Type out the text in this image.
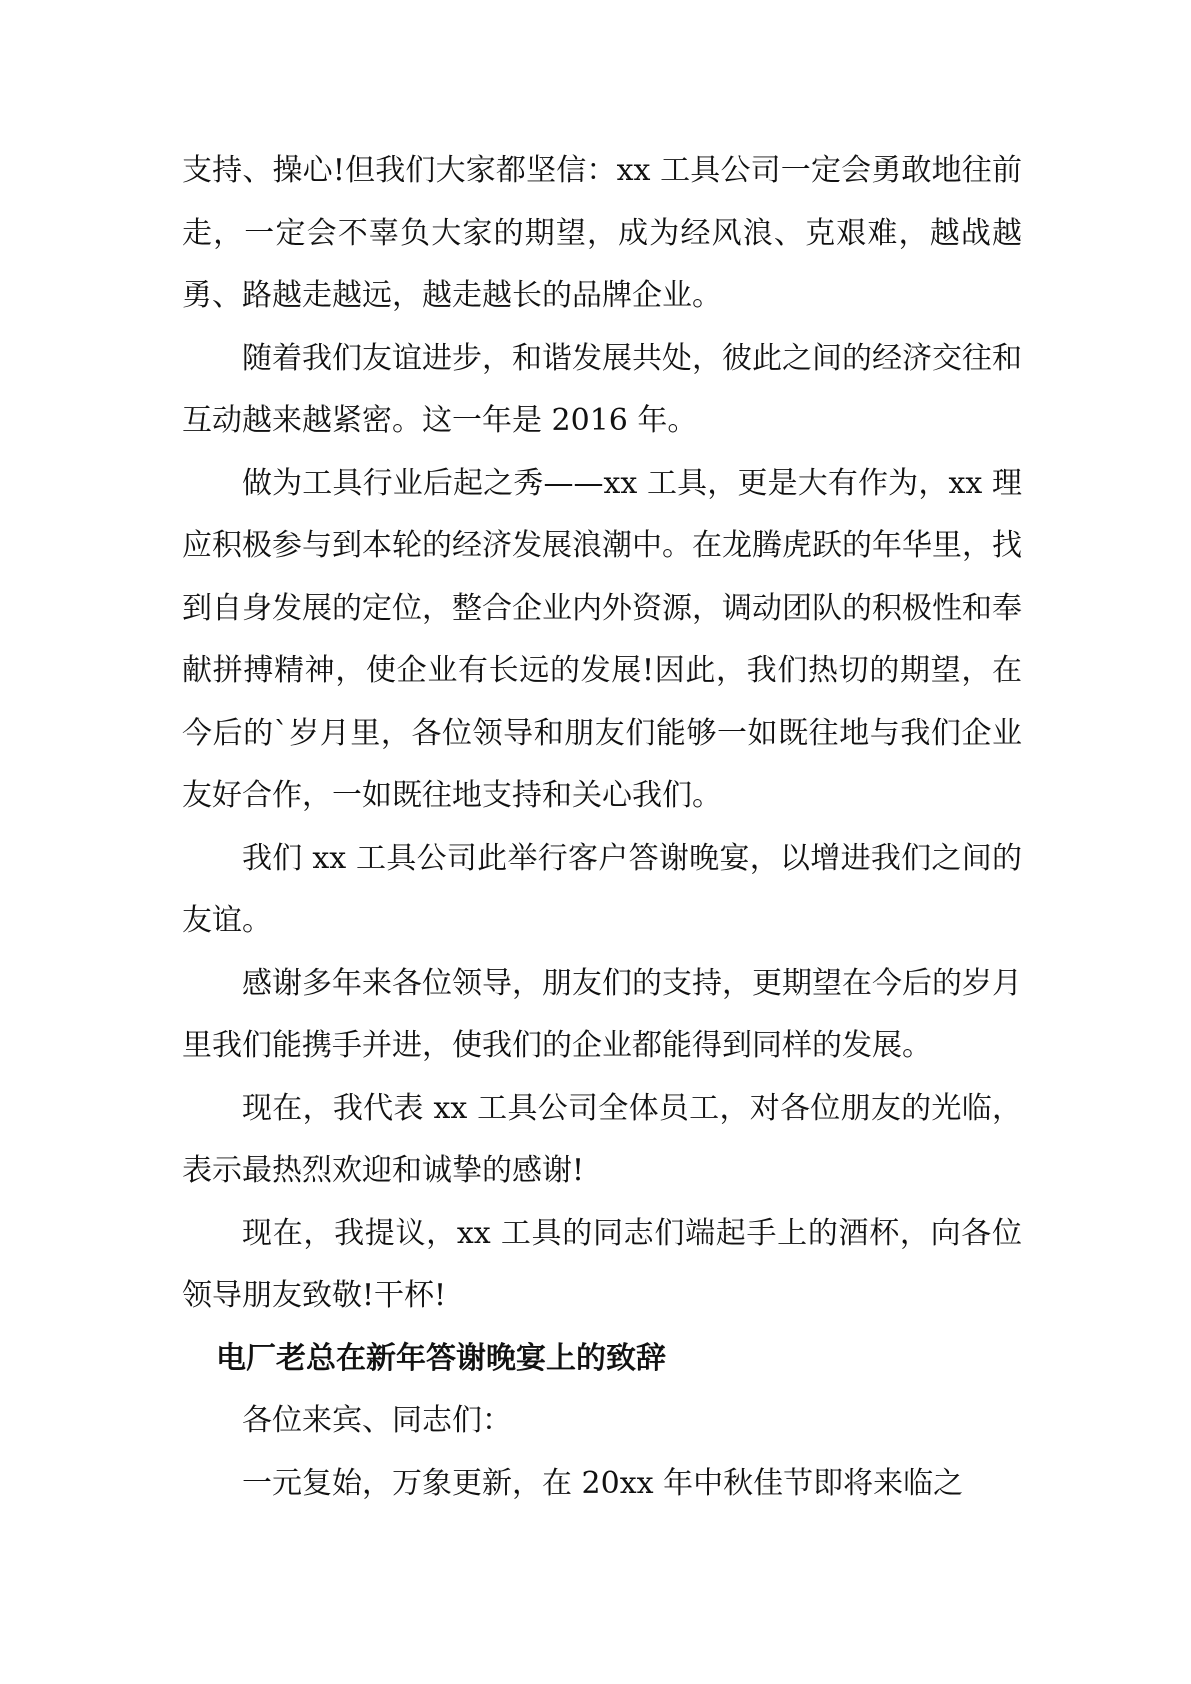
支持、操心!但我们大家都坚信：xx 工具公司一定会勇敢地往前走，一定会不辜负大家的期望，成为经风浪、克艰难，越战越勇、路越走越远，越走越长的品牌企业。

随着我们友谊进步，和谐发展共处，彼此之间的经济交往和互动越来越紧密。这一年是 2016 年。

做为工具行业后起之秀——xx 工具，更是大有作为，xx 理应积极参与到本轮的经济发展浪潮中。在龙腾虎跃的年华里，找到自身发展的定位，整合企业内外资源，调动团队的积极性和奉献拼搏精神，使企业有长远的发展!因此，我们热切的期望，在今后的`岁月里，各位领导和朋友们能够一如既往地与我们企业友好合作，一如既往地支持和关心我们。

我们 xx 工具公司此举行客户答谢晚宴，以增进我们之间的友谊。

感谢多年来各位领导，朋友们的支持，更期望在今后的岁月里我们能携手并进，使我们的企业都能得到同样的发展。

现在，我代表 xx 工具公司全体员工，对各位朋友的光临，表示最热烈欢迎和诚挚的感谢!

现在，我提议，xx 工具的同志们端起手上的酒杯，向各位领导朋友致敬!干杯!

电厂老总在新年答谢晚宴上的致辞

各位来宾、同志们：

一元复始，万象更新，在 20xx 年中秋佳节即将来临之
